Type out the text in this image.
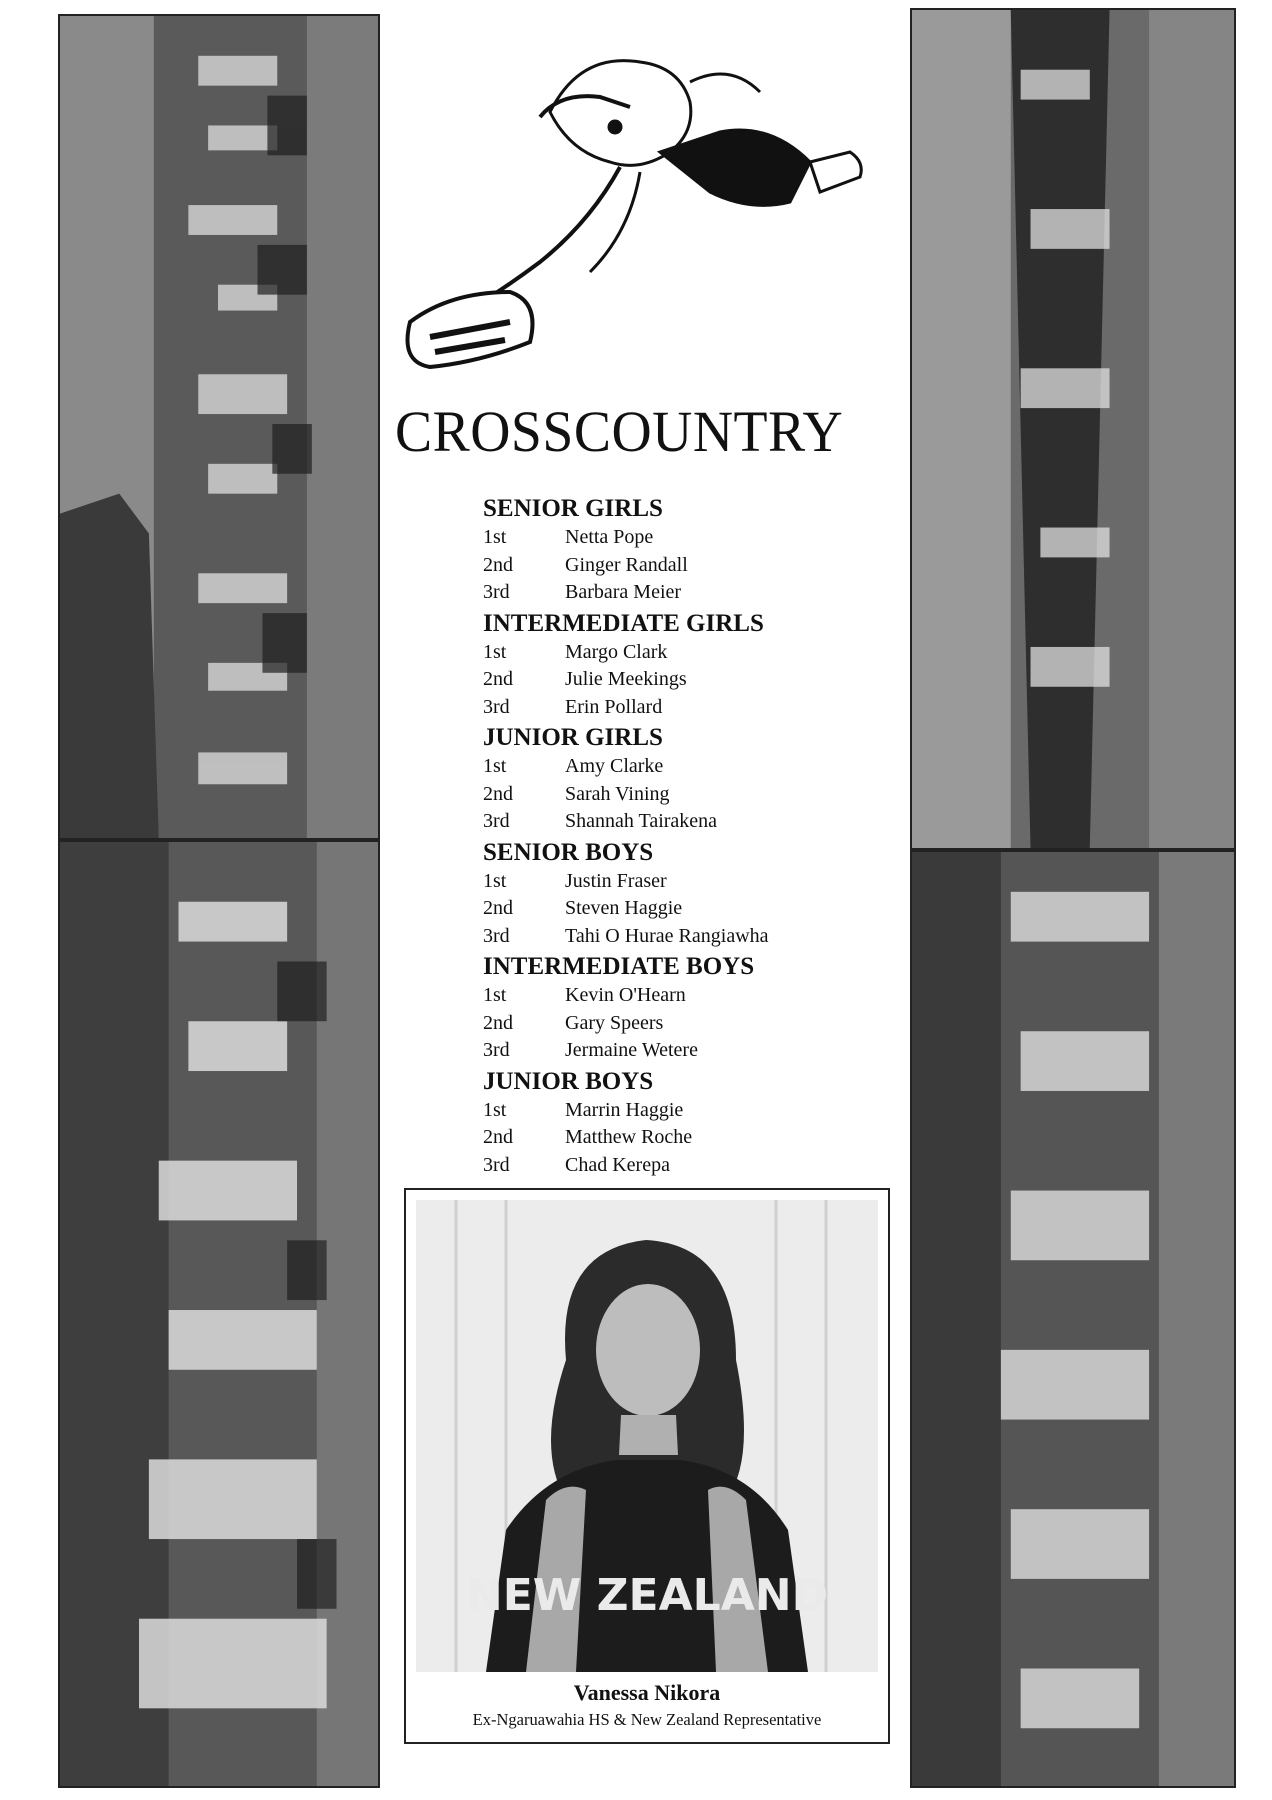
CROSSCOUNTRY
SENIOR GIRLS
1st	Netta Pope
2nd	Ginger Randall
3rd	Barbara Meier
INTERMEDIATE GIRLS
1st	Margo Clark
2nd	Julie Meekings
3rd	Erin Pollard
JUNIOR GIRLS
1st	Amy Clarke
2nd	Sarah Vining
3rd	Shannah Tairakena
SENIOR BOYS
1st	Justin Fraser
2nd	Steven Haggie
3rd	Tahi O Hurae Rangiawha
INTERMEDIATE BOYS
1st	Kevin O'Hearn
2nd	Gary Speers
3rd	Jermaine Wetere
JUNIOR BOYS
1st	Marrin Haggie
2nd	Matthew Roche
3rd	Chad Kerepa
NEW ZEALAND
Vanessa Nikora
Ex-Ngaruawahia HS & New Zealand Representative
